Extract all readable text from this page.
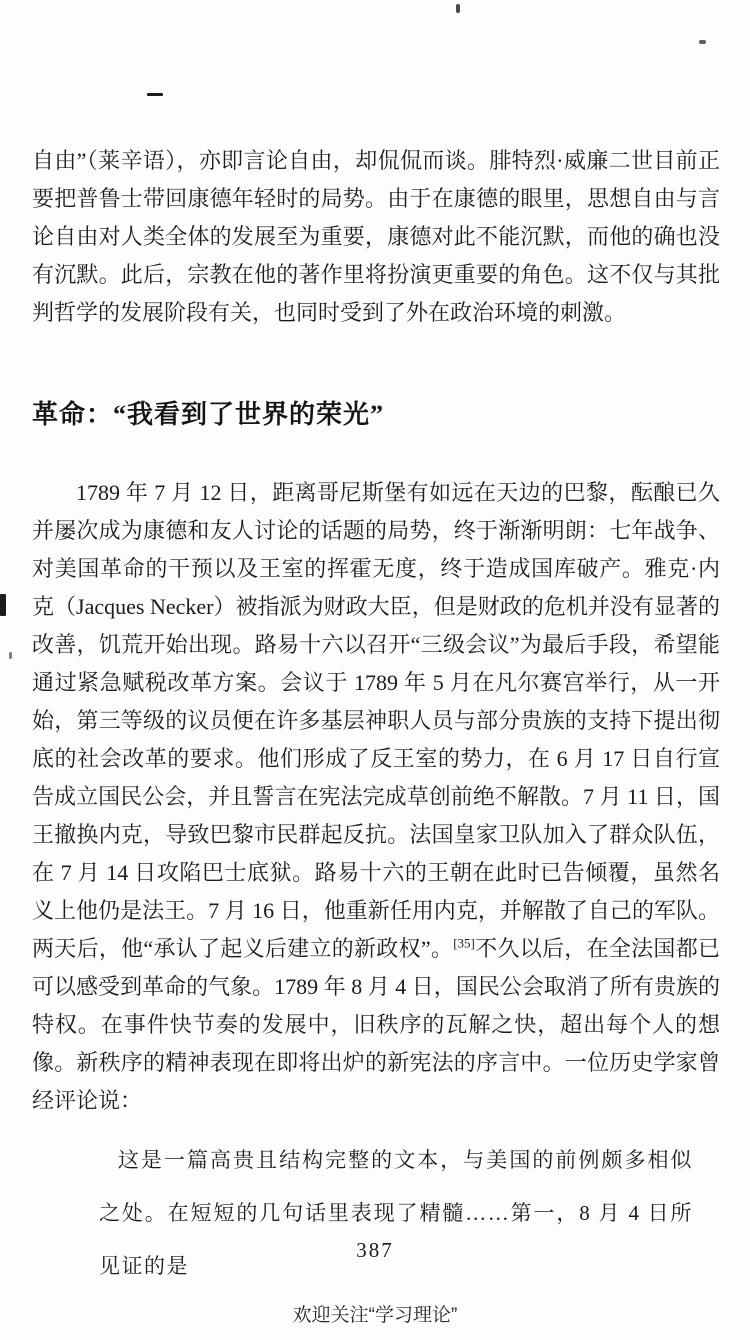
自由”（莱辛语），亦即言论自由，却侃侃而谈。腓特烈·威廉二世目前正要把普鲁士带回康德年轻时的局势。由于在康德的眼里，思想自由与言论自由对人类全体的发展至为重要，康德对此不能沉默，而他的确也没有沉默。此后，宗教在他的著作里将扮演更重要的角色。这不仅与其批判哲学的发展阶段有关，也同时受到了外在政治环境的刺激。

革命：“我看到了世界的荣光”

1789 年 7 月 12 日，距离哥尼斯堡有如远在天边的巴黎，酝酿已久并屡次成为康德和友人讨论的话题的局势，终于渐渐明朗：七年战争、对美国革命的干预以及王室的挥霍无度，终于造成国库破产。雅克·内克（Jacques Necker）被指派为财政大臣，但是财政的危机并没有显著的改善，饥荒开始出现。路易十六以召开“三级会议”为最后手段，希望能通过紧急赋税改革方案。会议于 1789 年 5 月在凡尔赛宫举行，从一开始，第三等级的议员便在许多基层神职人员与部分贵族的支持下提出彻底的社会改革的要求。他们形成了反王室的势力，在 6 月 17 日自行宣告成立国民公会，并且誓言在宪法完成草创前绝不解散。7 月 11 日，国王撤换内克，导致巴黎市民群起反抗。法国皇家卫队加入了群众队伍，在 7 月 14 日攻陷巴士底狱。路易十六的王朝在此时已告倾覆，虽然名义上他仍是法王。7 月 16 日，他重新任用内克，并解散了自己的军队。两天后，他“承认了起义后建立的新政权”。[35]不久以后，在全法国都已可以感受到革命的气象。1789 年 8 月 4 日，国民公会取消了所有贵族的特权。在事件快节奏的发展中，旧秩序的瓦解之快，超出每个人的想像。新秩序的精神表现在即将出炉的新宪法的序言中。一位历史学家曾经评论说：

这是一篇高贵且结构完整的文本，与美国的前例颇多相似之处。在短短的几句话里表现了精髓……第一，8 月 4 日所见证的是

387
欢迎关注“学习理论”
